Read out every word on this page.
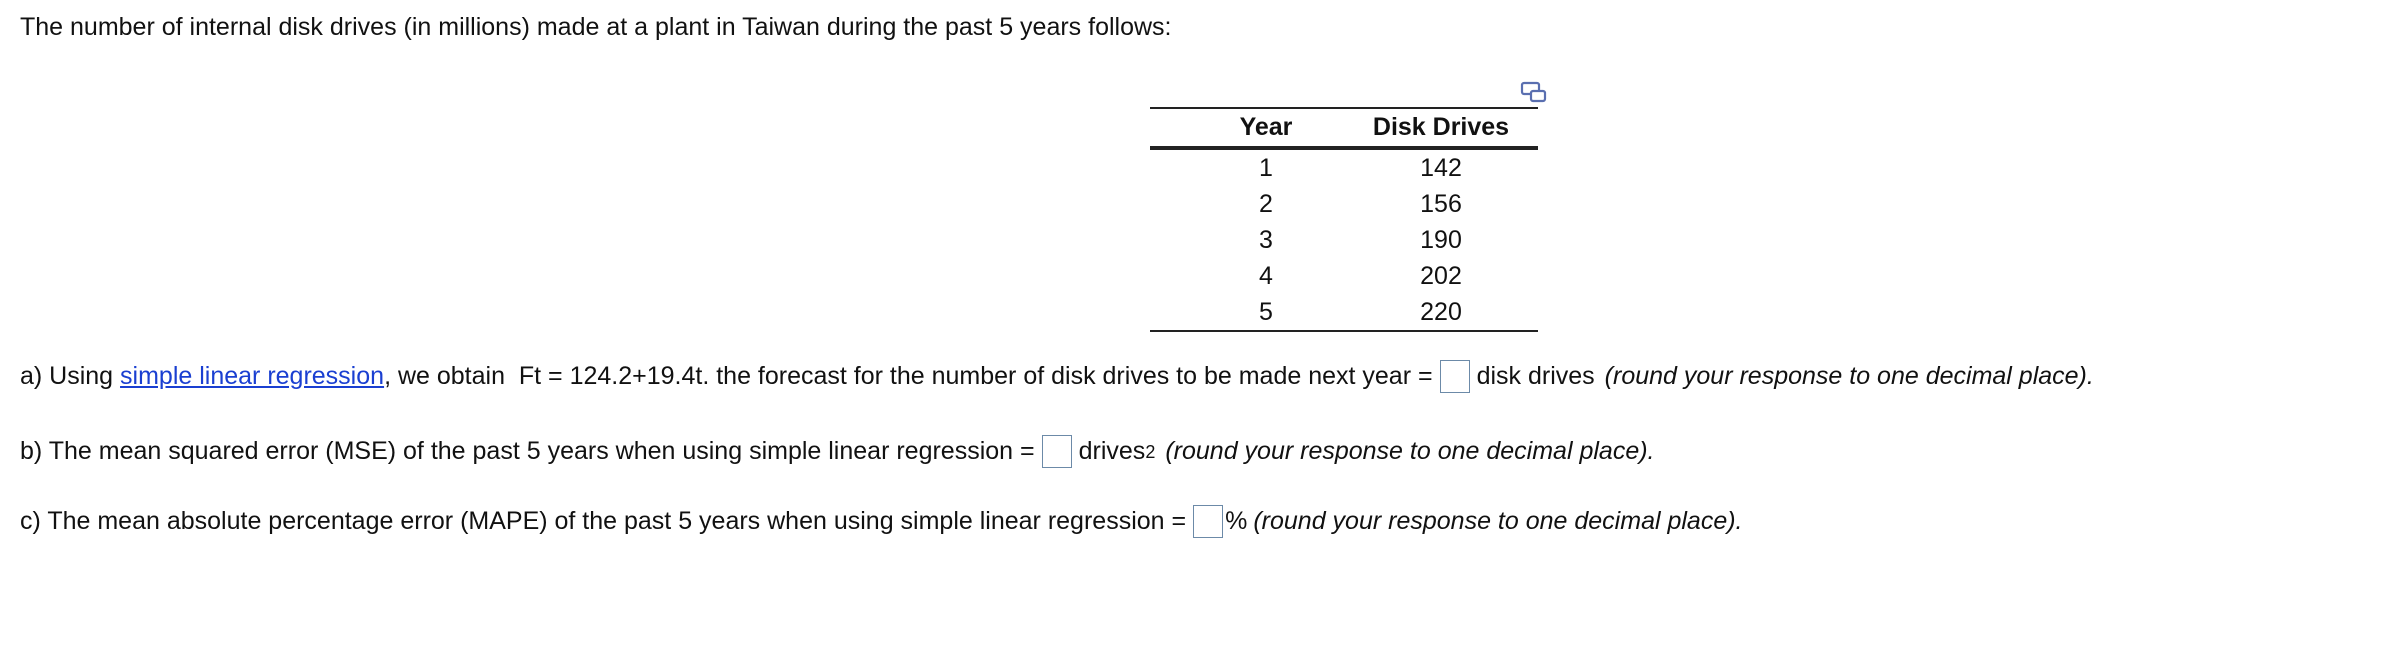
The number of internal disk drives (in millions) made at a plant in Taiwan during the past 5 years follows:
Year	Disk Drives
1	142
2	156
3	190
4	202
5	220
a) Using simple linear regression , we obtain  Ft = 124.2+19.4t. the forecast for the number of disk drives to be made next year = disk drives (round your response to one decimal place).
b) The mean squared error (MSE) of the past 5 years when using simple linear regression = drives 2 (round your response to one decimal place).
c) The mean absolute percentage error (MAPE) of the past 5 years when using simple linear regression = % (round your response to one decimal place).
